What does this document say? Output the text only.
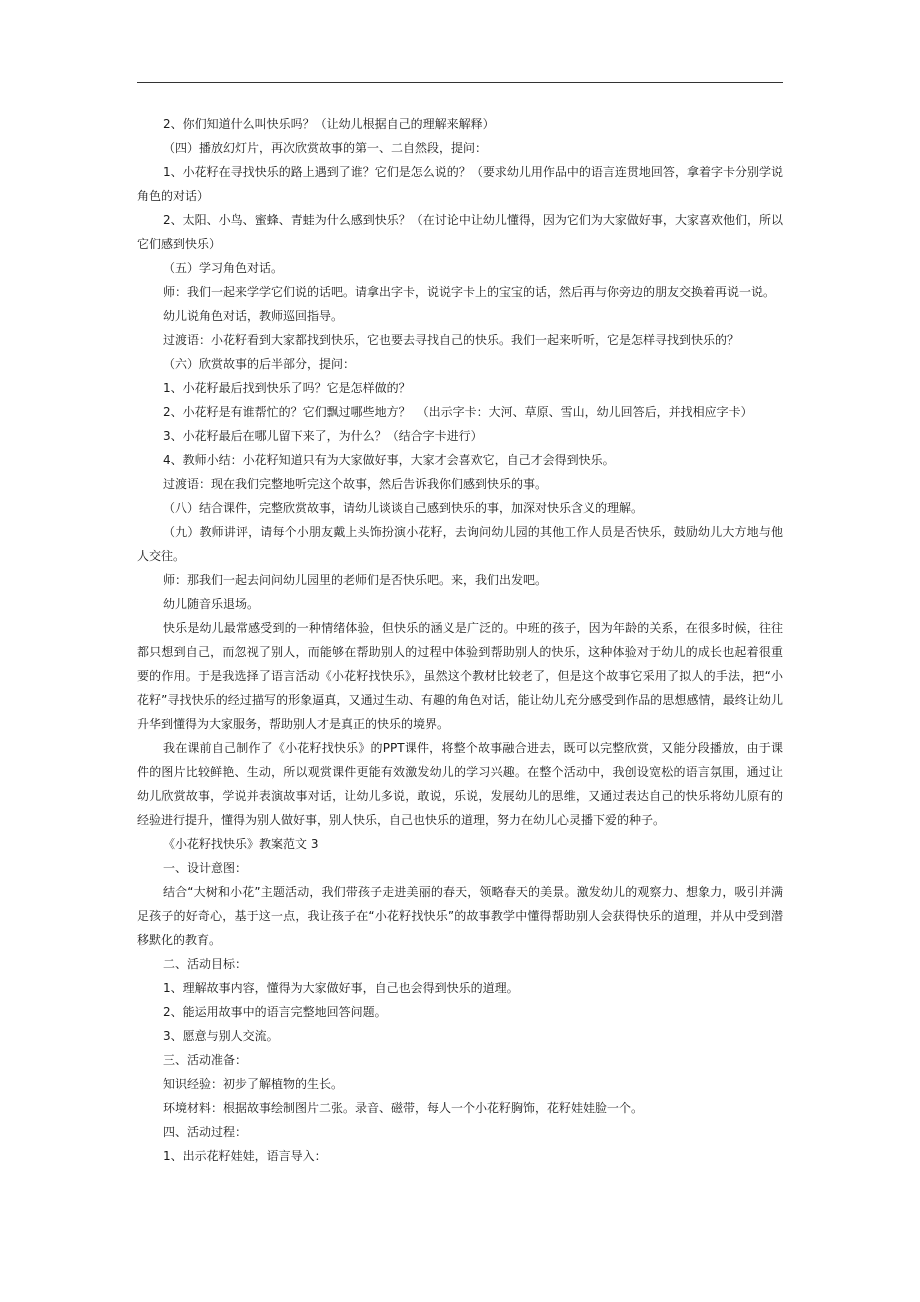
2、你们知道什么叫快乐吗？（让幼儿根据自己的理解来解释）

（四）播放幻灯片，再次欣赏故事的第一、二自然段，提问：

1、小花籽在寻找快乐的路上遇到了谁？它们是怎么说的？（要求幼儿用作品中的语言连贯地回答，拿着字卡分别学说角色的对话）

2、太阳、小鸟、蜜蜂、青蛙为什么感到快乐？（在讨论中让幼儿懂得，因为它们为大家做好事，大家喜欢他们，所以它们感到快乐）

（五）学习角色对话。

师：我们一起来学学它们说的话吧。请拿出字卡，说说字卡上的宝宝的话，然后再与你旁边的朋友交换着再说一说。

幼儿说角色对话，教师巡回指导。

过渡语：小花籽看到大家都找到快乐，它也要去寻找自己的快乐。我们一起来听听，它是怎样寻找到快乐的？

（六）欣赏故事的后半部分，提问：

1、小花籽最后找到快乐了吗？它是怎样做的？

2、小花籽是有谁帮忙的？它们飘过哪些地方？　（出示字卡：大河、草原、雪山，幼儿回答后，并找相应字卡）

3、小花籽最后在哪儿留下来了，为什么？（结合字卡进行）

4、教师小结：小花籽知道只有为大家做好事，大家才会喜欢它，自己才会得到快乐。

过渡语：现在我们完整地听完这个故事，然后告诉我你们感到快乐的事。

（八）结合课件，完整欣赏故事，请幼儿谈谈自己感到快乐的事，加深对快乐含义的理解。

（九）教师讲评，请每个小朋友戴上头饰扮演小花籽，去询问幼儿园的其他工作人员是否快乐，鼓励幼儿大方地与他人交往。

师：那我们一起去问问幼儿园里的老师们是否快乐吧。来，我们出发吧。

幼儿随音乐退场。

快乐是幼儿最常感受到的一种情绪体验，但快乐的涵义是广泛的。中班的孩子，因为年龄的关系，在很多时候，往往都只想到自己，而忽视了别人，而能够在帮助别人的过程中体验到帮助别人的快乐，这种体验对于幼儿的成长也起着很重要的作用。于是我选择了语言活动《小花籽找快乐》，虽然这个教材比较老了，但是这个故事它采用了拟人的手法，把“小花籽”寻找快乐的经过描写的形象逼真，又通过生动、有趣的角色对话，能让幼儿充分感受到作品的思想感情，最终让幼儿升华到懂得为大家服务，帮助别人才是真正的快乐的境界。

我在课前自己制作了《小花籽找快乐》的PPT课件，将整个故事融合进去，既可以完整欣赏，又能分段播放，由于课件的图片比较鲜艳、生动，所以观赏课件更能有效激发幼儿的学习兴趣。在整个活动中，我创设宽松的语言氛围，通过让幼儿欣赏故事，学说并表演故事对话，让幼儿多说，敢说，乐说，发展幼儿的思维，又通过表达自己的快乐将幼儿原有的经验进行提升，懂得为别人做好事，别人快乐，自己也快乐的道理，努力在幼儿心灵播下爱的种子。

《小花籽找快乐》教案范文 3

一、设计意图：

结合“大树和小花”主题活动，我们带孩子走进美丽的春天，领略春天的美景。激发幼儿的观察力、想象力，吸引并满足孩子的好奇心，基于这一点，我让孩子在“小花籽找快乐”的故事教学中懂得帮助别人会获得快乐的道理，并从中受到潜移默化的教育。

二、活动目标：

1、理解故事内容，懂得为大家做好事，自己也会得到快乐的道理。

2、能运用故事中的语言完整地回答问题。

3、愿意与别人交流。

三、活动准备：

知识经验：初步了解植物的生长。

环境材料：根据故事绘制图片二张。录音、磁带，每人一个小花籽胸饰，花籽娃娃脸一个。

四、活动过程：

1、出示花籽娃娃，语言导入：
